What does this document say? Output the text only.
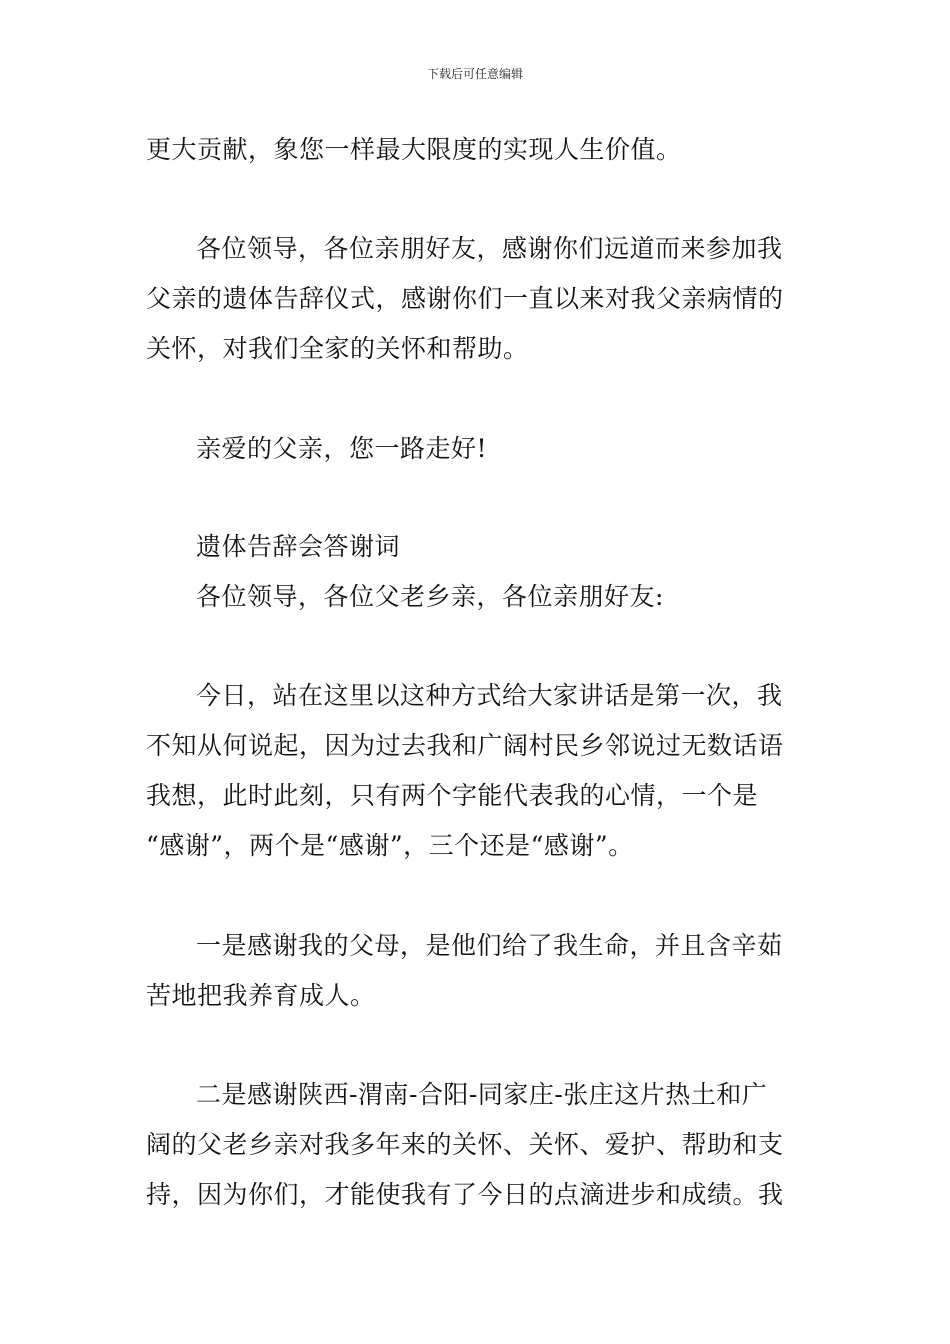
下载后可任意编辑
更大贡献，象您一样最大限度的实现人生价值。
各位领导，各位亲朋好友，感谢你们远道而来参加我
父亲的遗体告辞仪式，感谢你们一直以来对我父亲病情的
关怀，对我们全家的关怀和帮助。
亲爱的父亲，您一路走好!
遗体告辞会答谢词
各位领导，各位父老乡亲，各位亲朋好友:
今日，站在这里以这种方式给大家讲话是第一次，我
不知从何说起，因为过去我和广阔村民乡邻说过无数话语
我想，此时此刻，只有两个字能代表我的心情，一个是
“感谢”，两个是“感谢”，三个还是“感谢”。
一是感谢我的父母，是他们给了我生命，并且含辛茹
苦地把我养育成人。
二是感谢陕西-渭南-合阳-同家庄-张庄这片热土和广
阔的父老乡亲对我多年来的关怀、关怀、爱护、帮助和支
持，因为你们，才能使我有了今日的点滴进步和成绩。我
